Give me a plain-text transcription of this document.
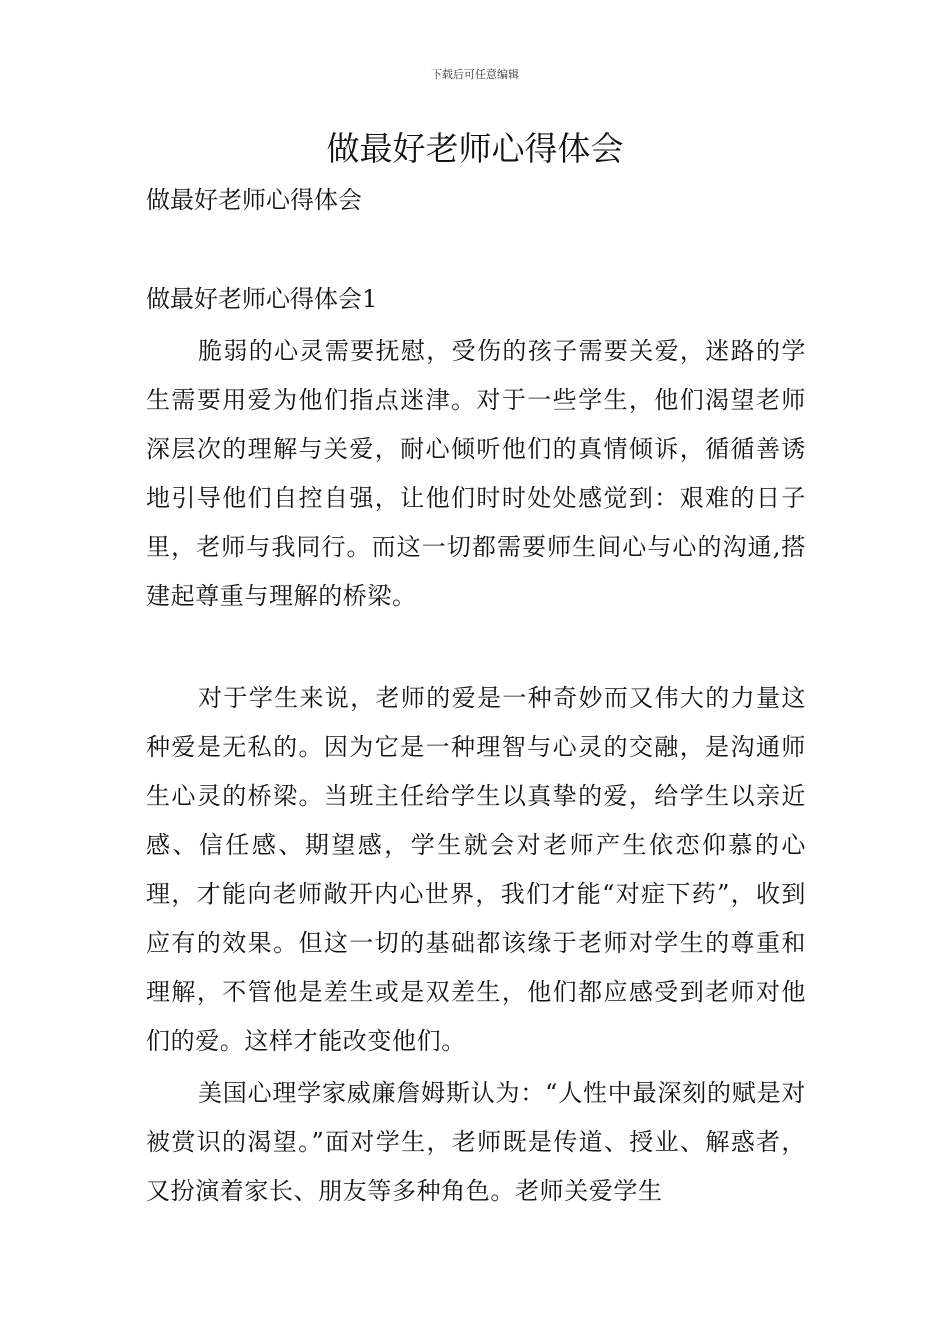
下载后可任意编辑
做最好老师心得体会

做最好老师心得体会

做最好老师心得体会1

脆弱的心灵需要抚慰，受伤的孩子需要关爱，迷路的学生需要用爱为他们指点迷津。对于一些学生，他们渴望老师深层次的理解与关爱，耐心倾听他们的真情倾诉，循循善诱地引导他们自控自强，让他们时时处处感觉到：艰难的日子里，老师与我同行。而这一切都需要师生间心与心的沟通,搭建起尊重与理解的桥梁。

对于学生来说，老师的爱是一种奇妙而又伟大的力量这种爱是无私的。因为它是一种理智与心灵的交融，是沟通师生心灵的桥梁。当班主任给学生以真挚的爱，给学生以亲近感、信任感、期望感，学生就会对老师产生依恋仰慕的心理，才能向老师敞开内心世界，我们才能“对症下药”，收到应有的效果。但这一切的基础都该缘于老师对学生的尊重和理解，不管他是差生或是双差生，他们都应感受到老师对他们的爱。这样才能改变他们。

美国心理学家威廉詹姆斯认为：“人性中最深刻的赋是对被赏识的渴望。”面对学生，老师既是传道、授业、解惑者，又扮演着家长、朋友等多种角色。老师关爱学生
